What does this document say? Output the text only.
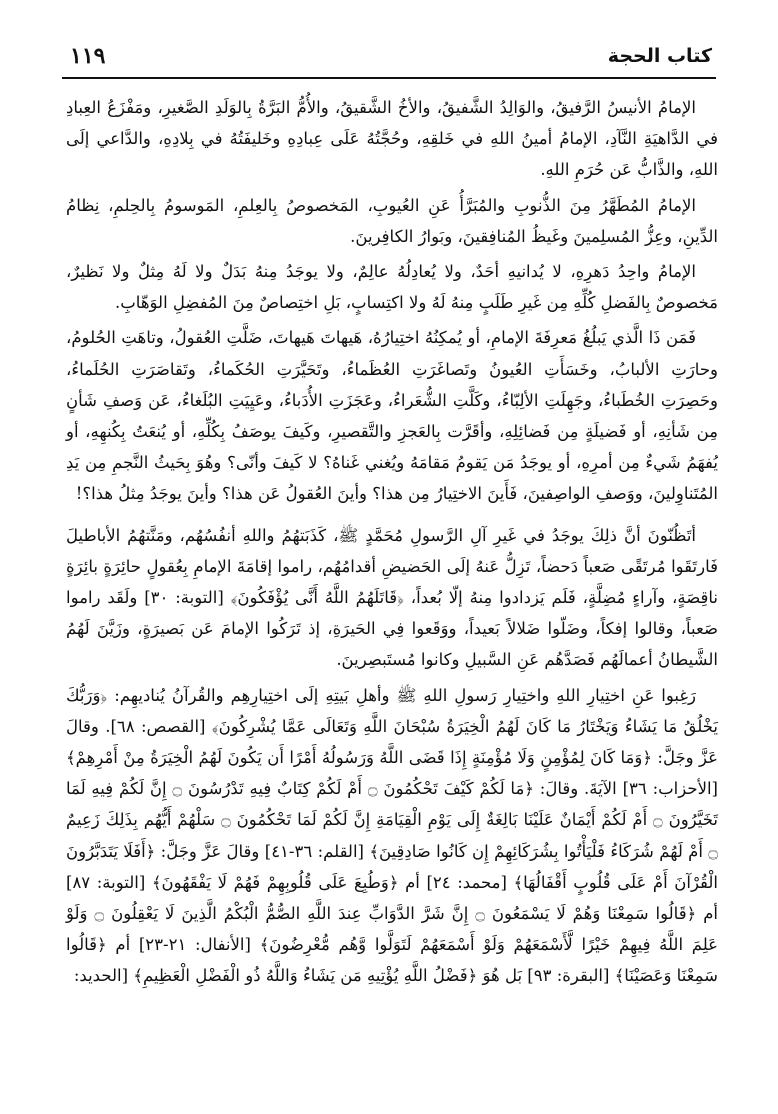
١١٩	كتاب الحجة

الإمامُ الأنيسُ الرَّفيقُ، والوَالِدُ الشَّفيقُ، والأخُ الشَّقيقُ، والأُمُّ البَرَّةُ بِالوَلَدِ الصَّغيرِ، ومَفْزَعُ العِبادِ في الدَّاهيَةِ النَّآدِ، الإمامُ أمينُ اللهِ في خَلقِهِ، وحُجَّتُهُ عَلَى عِبادِهِ وخَليفَتُهُ في بِلادِهِ، والدَّاعي إلَى اللهِ، والذَّابُّ عَن حُرَمِ اللهِ.

الإمامُ المُطَهَّرُ مِنَ الذُّنوبِ والمُبَرَّأُ عَنِ العُيوبِ، المَخصوصُ بِالعِلمِ، المَوسومُ بِالحِلمِ، نِظامُ الدِّينِ، وعِزُّ المُسلِمينَ وغَيظُ المُنافِقينَ، وبَوارُ الكافِرينَ.

الإمامُ واحِدُ دَهرِهِ، لا يُدانيهِ أحَدٌ، ولا يُعادِلُهُ عالِمٌ، ولا يوجَدُ مِنهُ بَدَلٌ ولا لَهُ مِثلٌ ولا نَظيرٌ، مَخصوصٌ بِالفَضلِ كُلِّهِ مِن غَيرِ طَلَبٍ مِنهُ لَهُ ولا اكتِسابٍ، بَلِ اختِصاصٌ مِنَ المُفضِلِ الوَهّابِ.

فَمَن ذَا الَّذي يَبلُغُ مَعرِفَةَ الإمامِ، أو يُمكِنُهُ اختِيارُهُ، هَيهاتَ هَيهاتَ، ضَلَّتِ العُقولُ، وتاهَتِ الحُلومُ، وحارَتِ الألبابُ، وخَسَأَتِ العُيونُ وتَصاغَرَتِ العُظَماءُ، وتَحَيَّرَتِ الحُكَماءُ، وتَقاصَرَتِ الحُلَماءُ، وحَصِرَتِ الخُطَباءُ، وجَهِلَتِ الألِبّاءُ، وكَلَّتِ الشُّعَراءُ، وعَجَزَتِ الأُدَباءُ، وعَيِيَتِ البُلَغاءُ، عَن وَصفِ شَأنٍ مِن شَأنِهِ، أو فَضيلَةٍ مِن فَضائِلِهِ، وأقَرَّت بِالعَجزِ والتَّقصيرِ، وكَيفَ يوصَفُ بِكُلِّهِ، أو يُنعَتُ بِكُنهِهِ، أو يُفهَمُ شَيءٌ مِن أمرِهِ، أو يوجَدُ مَن يَقومُ مَقامَهُ ويُغني غَناهُ؟ لا كَيفَ وأنّى؟ وهُوَ بِحَيثُ النَّجمِ مِن يَدِ المُتَناوِلينَ، ووَصفِ الواصِفينَ، فَأَينَ الاختِيارُ مِن هذا؟ وأينَ العُقولُ عَن هذا؟ وأينَ يوجَدُ مِثلُ هذا؟!

أتَظُنّونَ أنَّ ذلِكَ يوجَدُ في غَيرِ آلِ الرَّسولِ مُحَمَّدٍ ﷺ، كَذَبَتهُمُ واللهِ أنفُسُهُم، ومَنَّتهُمُ الأباطيلَ فَارتَقَوا مُرتَقًى صَعباً دَحضاً، تَزِلُّ عَنهُ إلَى الحَضيضِ أقدامُهُم، راموا إقامَةَ الإمامِ بِعُقولٍ حائِرَةٍ بائِرَةٍ ناقِصَةٍ، وآراءٍ مُضِلَّةٍ، فَلَم يَزدادوا مِنهُ إلّا بُعداً، ﴿قَاتَلَهُمُ اللَّهُ أَنَّى يُؤْفَكُونَ﴾ [التوبة: ٣٠] ولَقَد راموا صَعباً، وقالوا إفكاً، وضَلّوا ضَلالاً بَعيداً، ووَقَعوا فِي الحَيرَةِ، إذ تَرَكُوا الإمامَ عَن بَصيرَةٍ، وزَيَّنَ لَهُمُ الشَّيطانُ أعمالَهُم فَصَدَّهُم عَنِ السَّبيلِ وكانوا مُستَبصِرينَ.

رَغِبوا عَنِ اختِيارِ اللهِ واختِيارِ رَسولِ اللهِ ﷺ وأهلِ بَيتِهِ إلَى اختِيارِهِم والقُرآنُ يُناديهِم: ﴿وَرَبُّكَ يَخْلُقُ مَا يَشَاءُ وَيَخْتَارُ مَا كَانَ لَهُمُ الْخِيَرَةُ سُبْحَانَ اللَّهِ وَتَعَالَى عَمَّا يُشْرِكُونَ﴾ [القصص: ٦٨]. وقالَ عَزَّ وجَلَّ: ﴿وَمَا كَانَ لِمُؤْمِنٍ وَلَا مُؤْمِنَةٍ إِذَا قَضَى اللَّهُ وَرَسُولُهُ أَمْرًا أَن يَكُونَ لَهُمُ الْخِيَرَةُ مِنْ أَمْرِهِمْ﴾ [الأحزاب: ٣٦] الآيَةَ. وقالَ: ﴿مَا لَكُمْ كَيْفَ تَحْكُمُونَ ۝ أَمْ لَكُمْ كِتَابٌ فِيهِ تَدْرُسُونَ ۝ إِنَّ لَكُمْ فِيهِ لَمَا تَخَيَّرُونَ ۝ أَمْ لَكُمْ أَيْمَانٌ عَلَيْنَا بَالِغَةٌ إِلَى يَوْمِ الْقِيَامَةِ إِنَّ لَكُمْ لَمَا تَحْكُمُونَ ۝ سَلْهُمْ أَيُّهُم بِذَلِكَ زَعِيمٌ ۝ أَمْ لَهُمْ شُرَكَاءُ فَلْيَأْتُوا بِشُرَكَائِهِمْ إِن كَانُوا صَادِقِينَ﴾ [القلم: ٣٦-٤١] وقالَ عَزَّ وجَلَّ: ﴿أَفَلَا يَتَدَبَّرُونَ الْقُرْآنَ أَمْ عَلَى قُلُوبٍ أَقْفَالُهَا﴾ [محمد: ٢٤] أم ﴿وَطُبِعَ عَلَى قُلُوبِهِمْ فَهُمْ لَا يَفْقَهُونَ﴾ [التوبة: ٨٧] أم ﴿قَالُوا سَمِعْنَا وَهُمْ لَا يَسْمَعُونَ ۝ إِنَّ شَرَّ الدَّوَابِّ عِندَ اللَّهِ الصُّمُّ الْبُكْمُ الَّذِينَ لَا يَعْقِلُونَ ۝ وَلَوْ عَلِمَ اللَّهُ فِيهِمْ خَيْرًا لَّأَسْمَعَهُمْ وَلَوْ أَسْمَعَهُمْ لَتَوَلَّوا وَّهُم مُّعْرِضُونَ﴾ [الأنفال: ٢١-٢٣] أم ﴿قَالُوا سَمِعْنَا وَعَصَيْنَا﴾ [البقرة: ٩٣] بَل هُوَ ﴿فَضْلُ اللَّهِ يُؤْتِيهِ مَن يَشَاءُ وَاللَّهُ ذُو الْفَضْلِ الْعَظِيمِ﴾ [الحديد:
